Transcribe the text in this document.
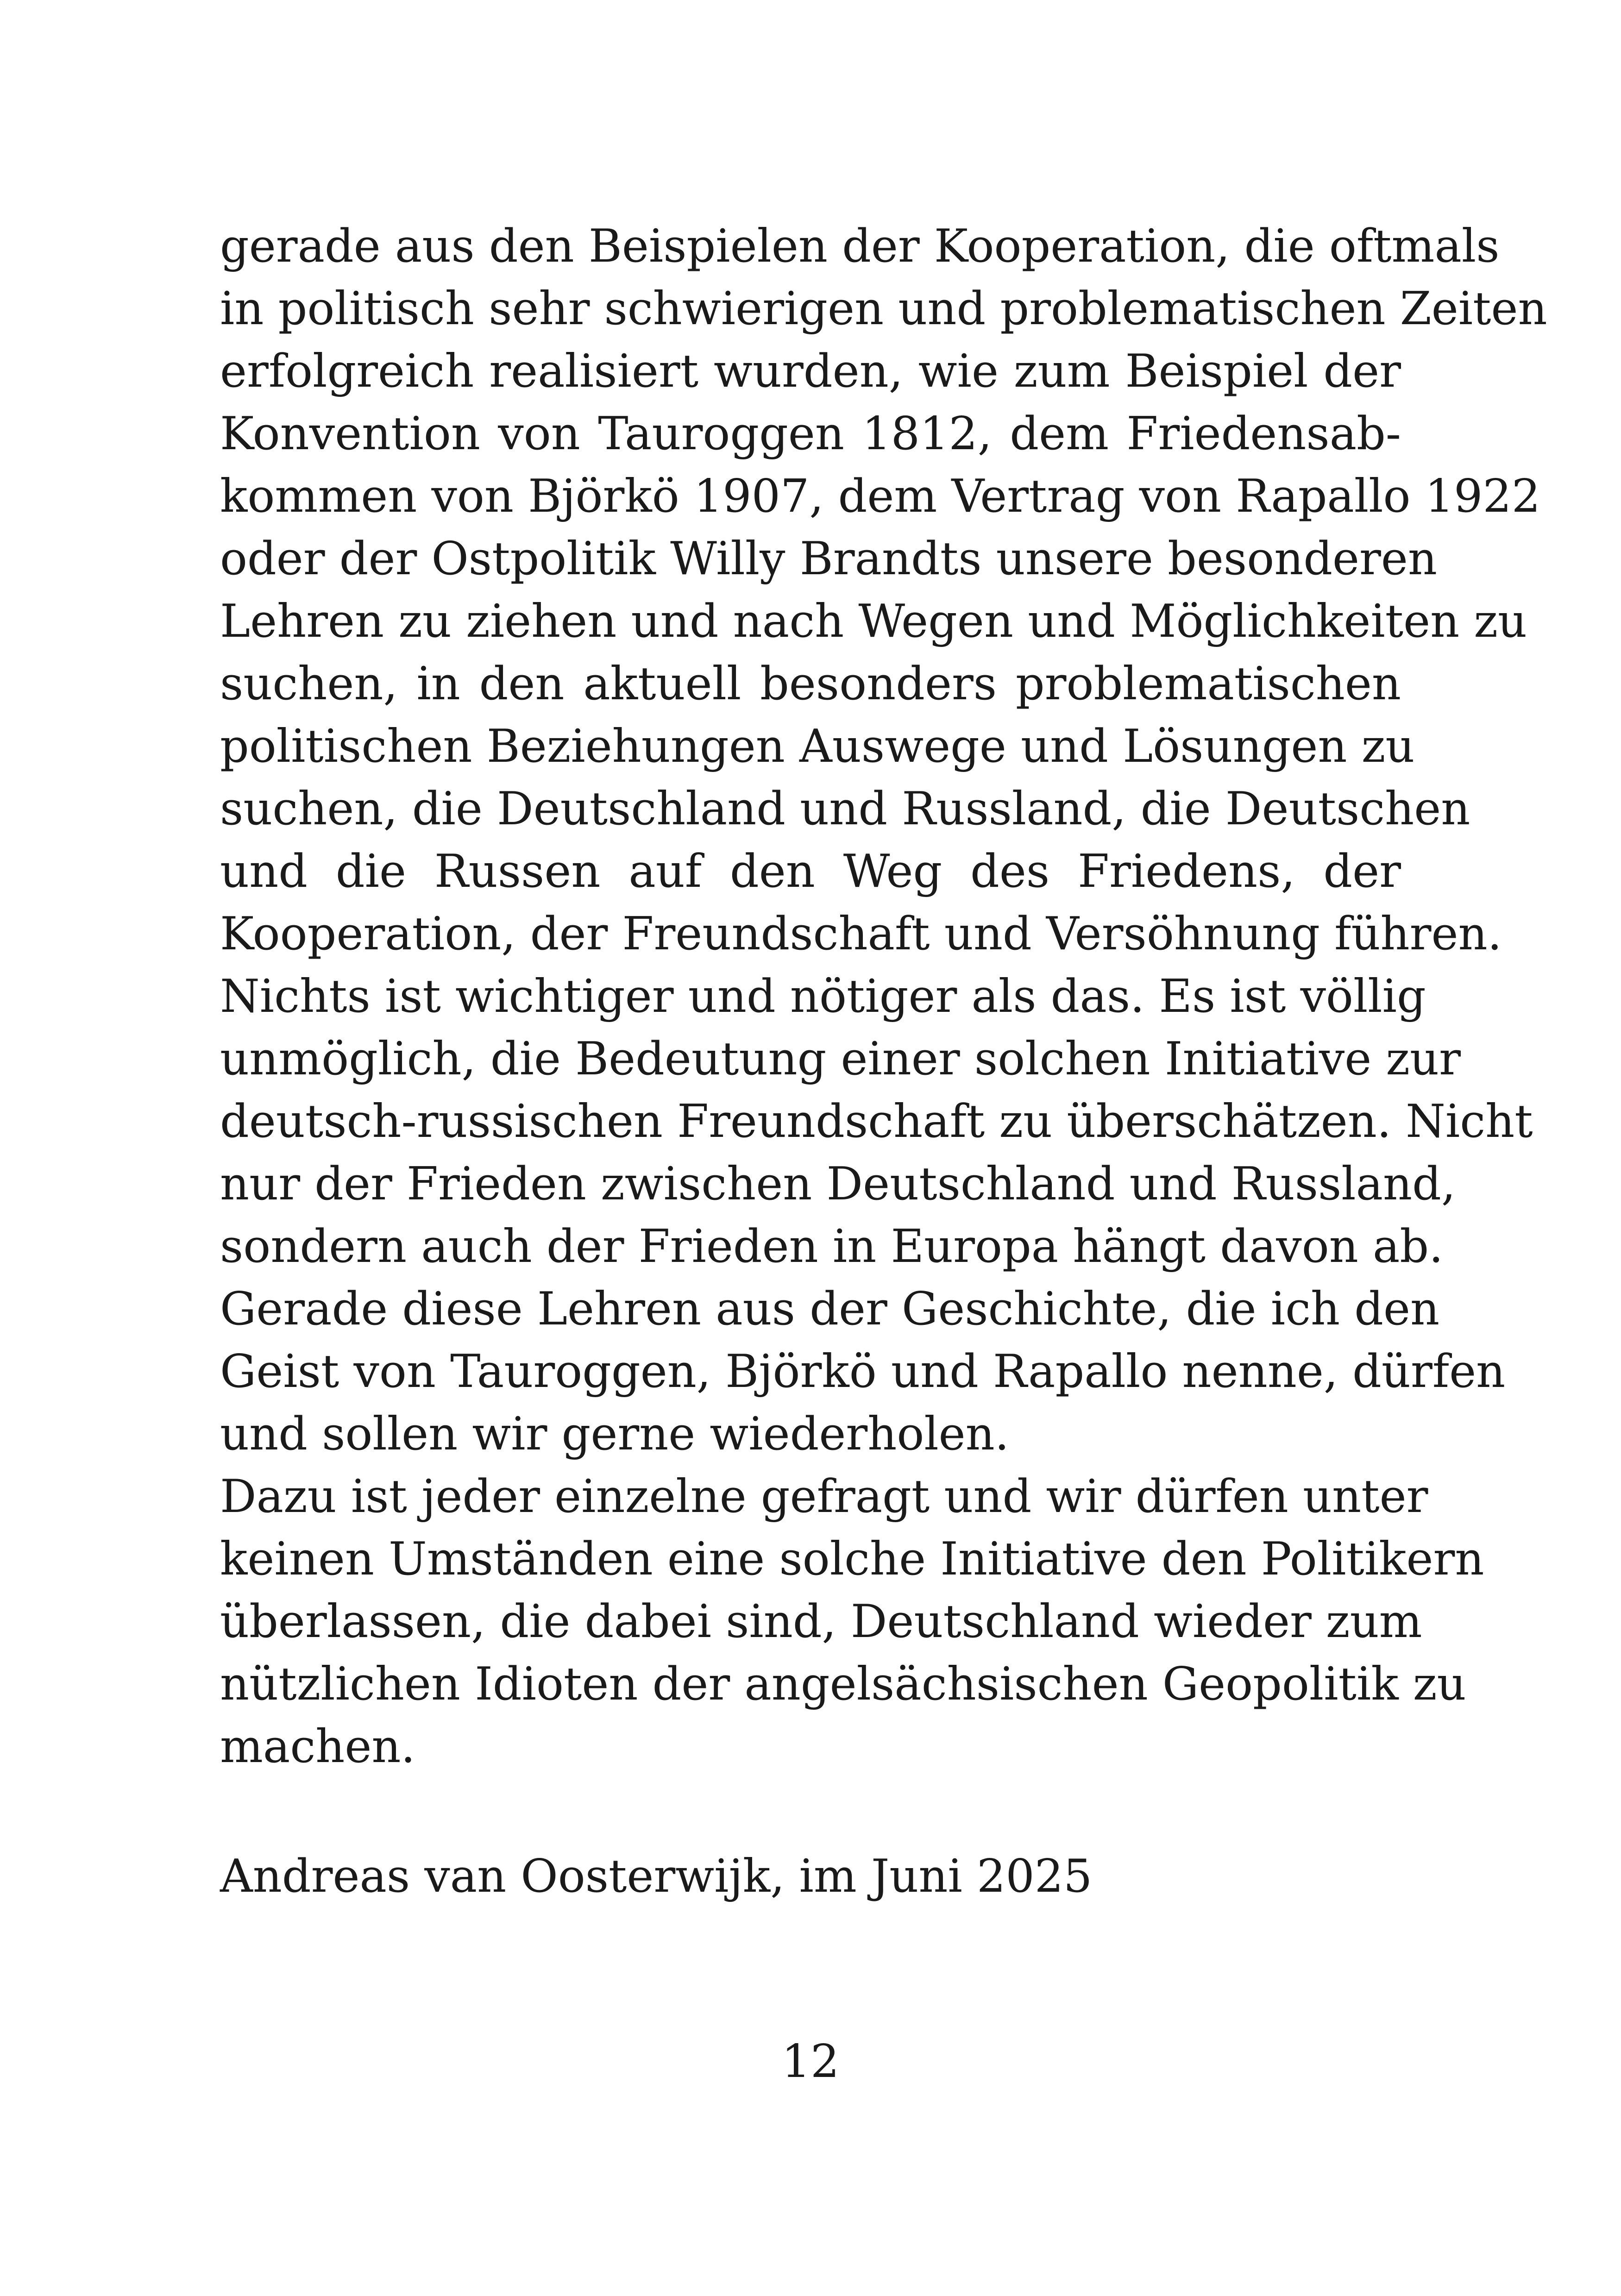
gerade aus den Beispielen der Kooperation, die oftmals
in politisch sehr schwierigen und problematischen Zeiten
erfolgreich realisiert wurden, wie zum Beispiel der
Konvention von Tauroggen 1812, dem Friedensab-
kommen von Björkö 1907, dem Vertrag von Rapallo 1922
oder der Ostpolitik Willy Brandts unsere besonderen
Lehren zu ziehen und nach Wegen und Möglichkeiten zu
suchen, in den aktuell besonders problematischen
politischen Beziehungen Auswege und Lösungen zu
suchen, die Deutschland und Russland, die Deutschen
und die Russen auf den Weg des Friedens, der
Kooperation, der Freundschaft und Versöhnung führen.
Nichts ist wichtiger und nötiger als das. Es ist völlig
unmöglich, die Bedeutung einer solchen Initiative zur
deutsch-russischen Freundschaft zu überschätzen. Nicht
nur der Frieden zwischen Deutschland und Russland,
sondern auch der Frieden in Europa hängt davon ab.
Gerade diese Lehren aus der Geschichte, die ich den
Geist von Tauroggen, Björkö und Rapallo nenne, dürfen
und sollen wir gerne wiederholen.
Dazu ist jeder einzelne gefragt und wir dürfen unter
keinen Umständen eine solche Initiative den Politikern
überlassen, die dabei sind, Deutschland wieder zum
nützlichen Idioten der angelsächsischen Geopolitik zu
machen.

Andreas van Oosterwijk, im Juni 2025

12
